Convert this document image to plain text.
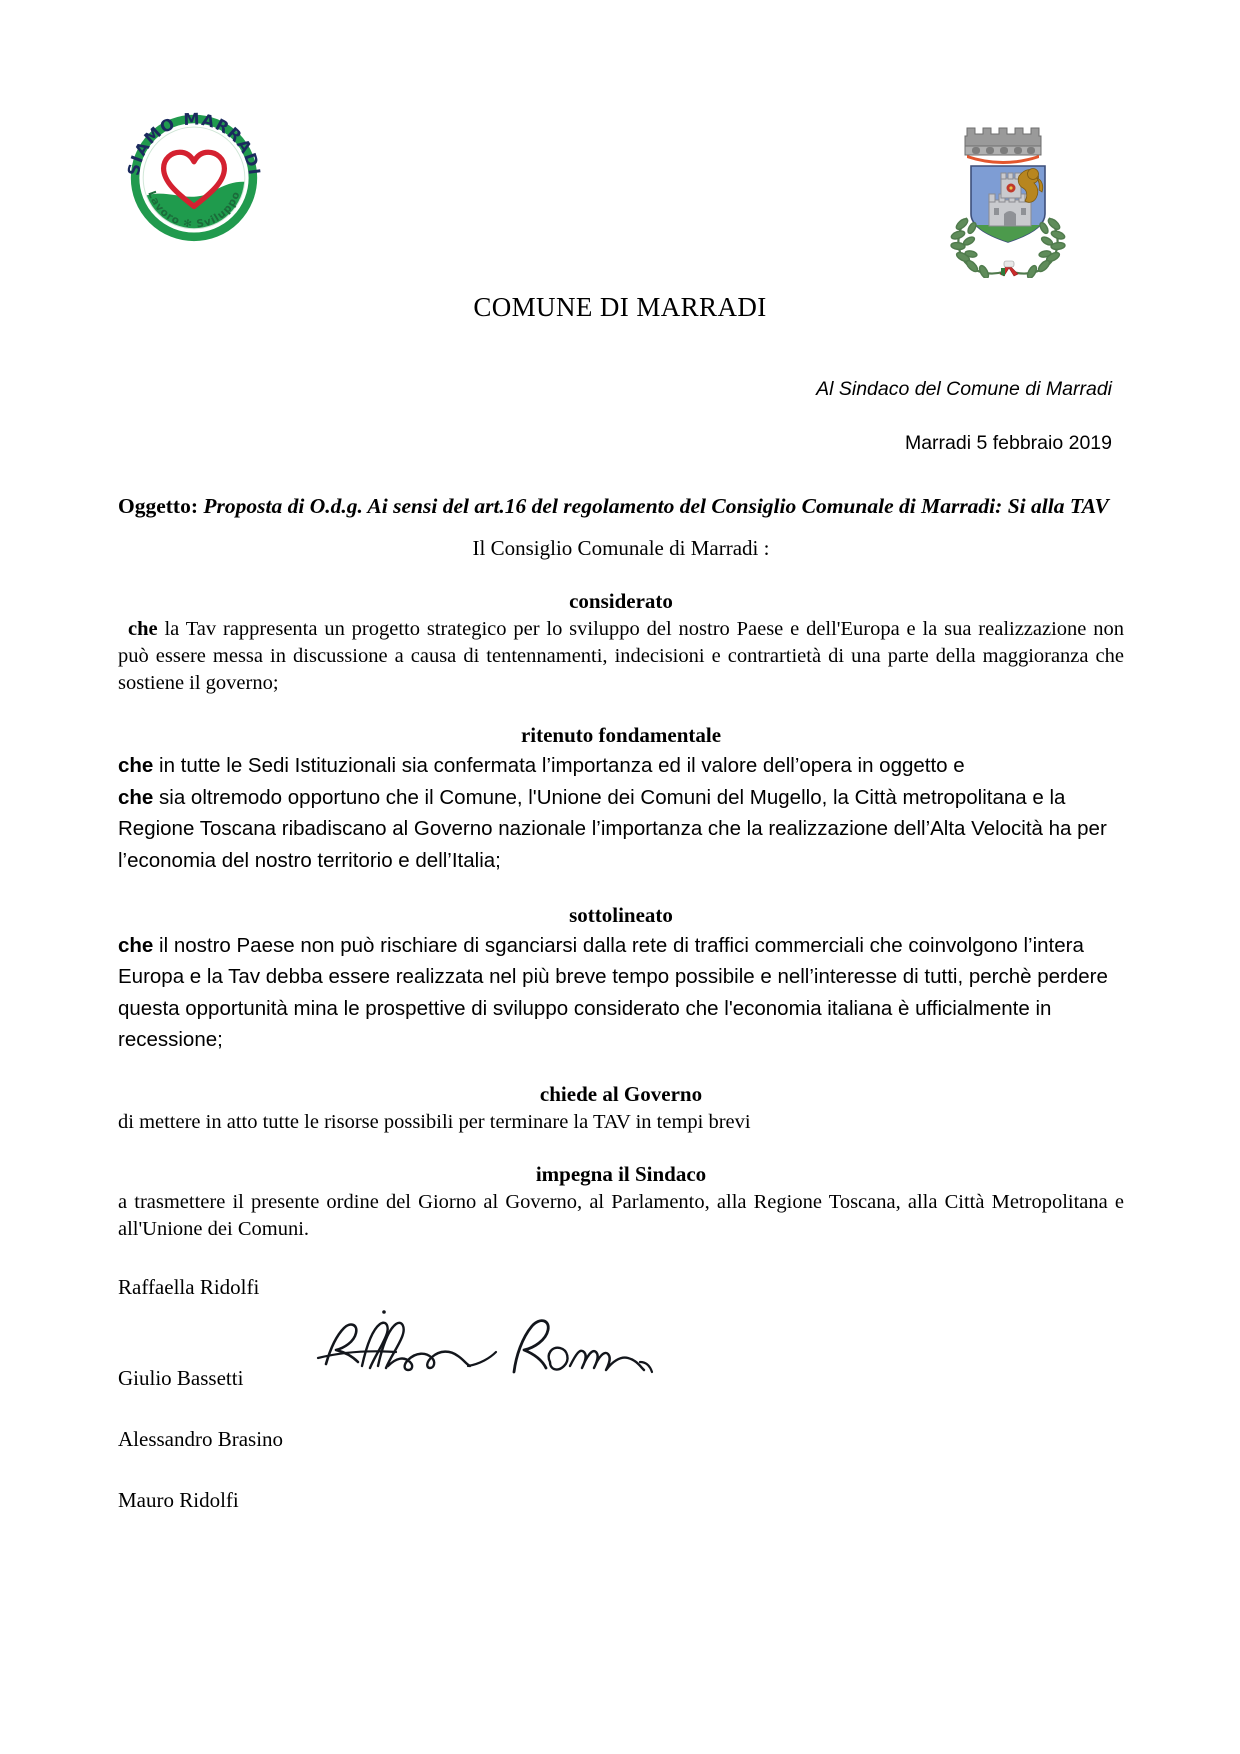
SIAMO MARRADI
Lavoro ✻ Sviluppo
COMUNE DI MARRADI
Al Sindaco del Comune di Marradi
Marradi 5 febbraio 2019

Oggetto: Proposta di O.d.g. Ai sensi del art.16 del regolamento del Consiglio Comunale di Marradi: Si alla TAV

Il Consiglio Comunale di Marradi :

considerato

che la Tav rappresenta un progetto strategico per lo sviluppo del nostro Paese e dell'Europa e la sua realizzazione non può essere messa in discussione a causa di tentennamenti, indecisioni e contrartietà di una parte della maggioranza che sostiene il governo;

ritenuto fondamentale

che in tutte le Sedi Istituzionali sia confermata l’importanza ed il valore dell’opera in oggetto e

che sia oltremodo opportuno che il Comune, l'Unione dei Comuni del Mugello, la Città metropolitana e la Regione Toscana ribadiscano al Governo nazionale l’importanza che la realizzazione dell’Alta Velocità ha per l’economia del nostro territorio e dell’Italia;

sottolineato

che il nostro Paese non può rischiare di sganciarsi dalla rete di traffici commerciali che coinvolgono l’intera Europa e la Tav debba essere realizzata nel più breve tempo possibile e nell’interesse di tutti, perchè perdere questa opportunità mina le prospettive di sviluppo considerato che l'economia italiana è ufficialmente in recessione;

chiede al Governo

di mettere in atto tutte le risorse possibili per terminare la TAV in tempi brevi

impegna il Sindaco

a trasmettere il presente ordine del Giorno al Governo, al Parlamento, alla Regione Toscana, alla Città Metropolitana e all'Unione dei Comuni.

Raffaella Ridolfi

Giulio Bassetti

Alessandro Brasino

Mauro Ridolfi
